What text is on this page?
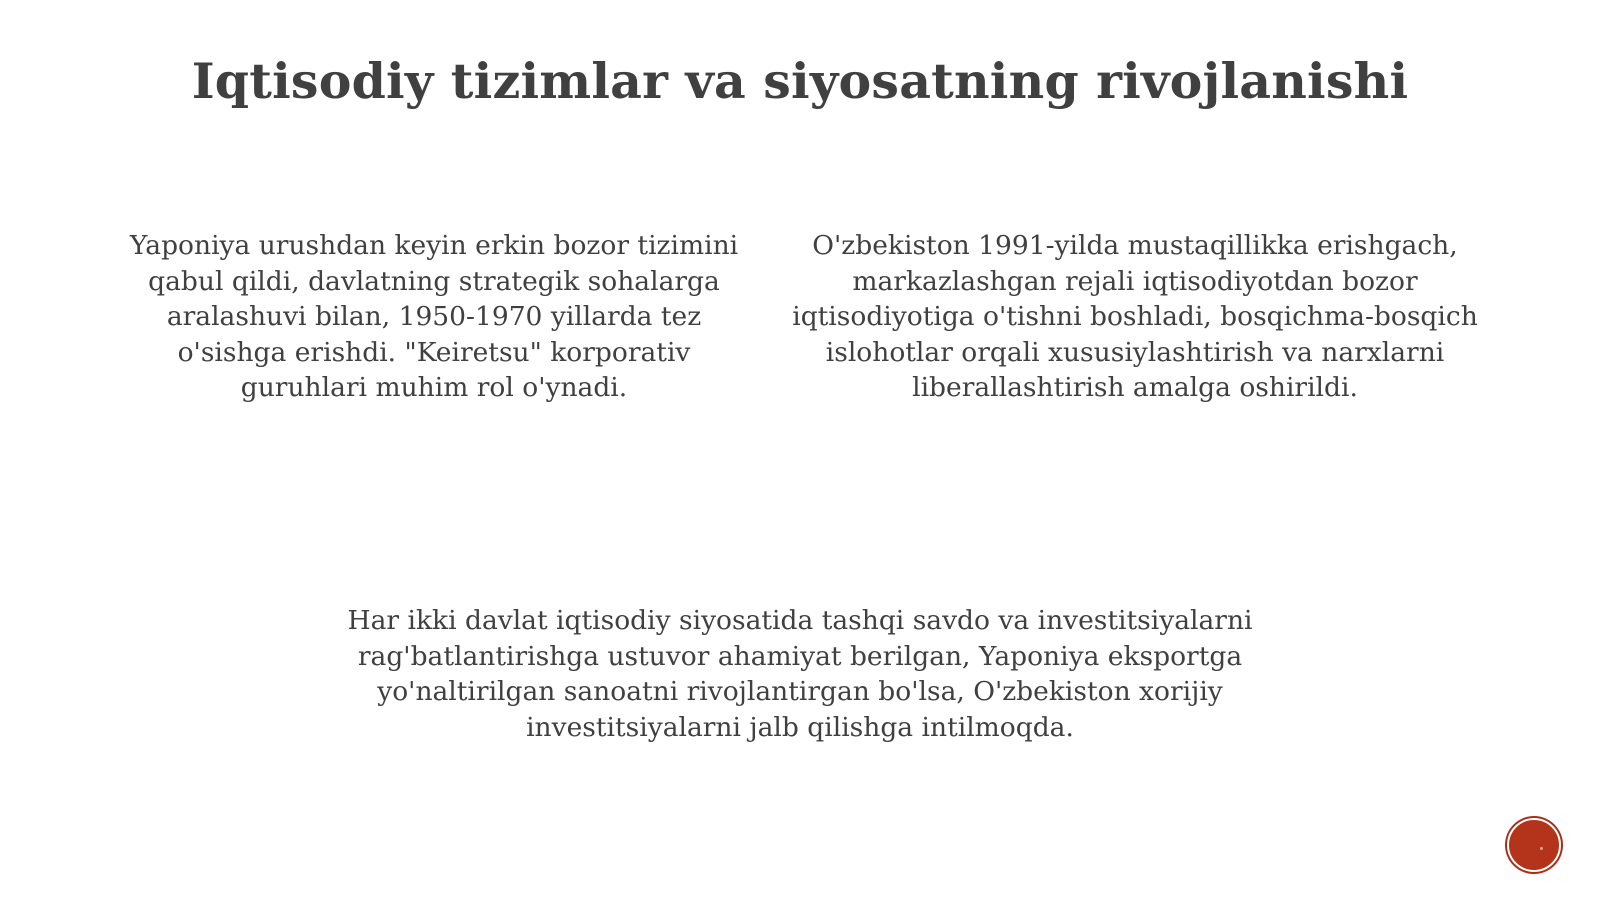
Iqtisodiy tizimlar va siyosatning rivojlanishi

Yaponiya urushdan keyin erkin bozor tizimini qabul qildi, davlatning strategik sohalarga aralashuvi bilan, 1950-1970 yillarda tez o'sishga erishdi. "Keiretsu" korporativ guruhlari muhim rol o'ynadi.

O'zbekiston 1991-yilda mustaqillikka erishgach, markazlashgan rejali iqtisodiyotdan bozor iqtisodiyotiga o'tishni boshladi, bosqichma-bosqich islohotlar orqali xususiylashtirish va narxlarni liberallashtirish amalga oshirildi.

Har ikki davlat iqtisodiy siyosatida tashqi savdo va investitsiyalarni rag'batlantirishga ustuvor ahamiyat berilgan, Yaponiya eksportga yo'naltirilgan sanoatni rivojlantirgan bo'lsa, O'zbekiston xorijiy investitsiyalarni jalb qilishga intilmoqda.
